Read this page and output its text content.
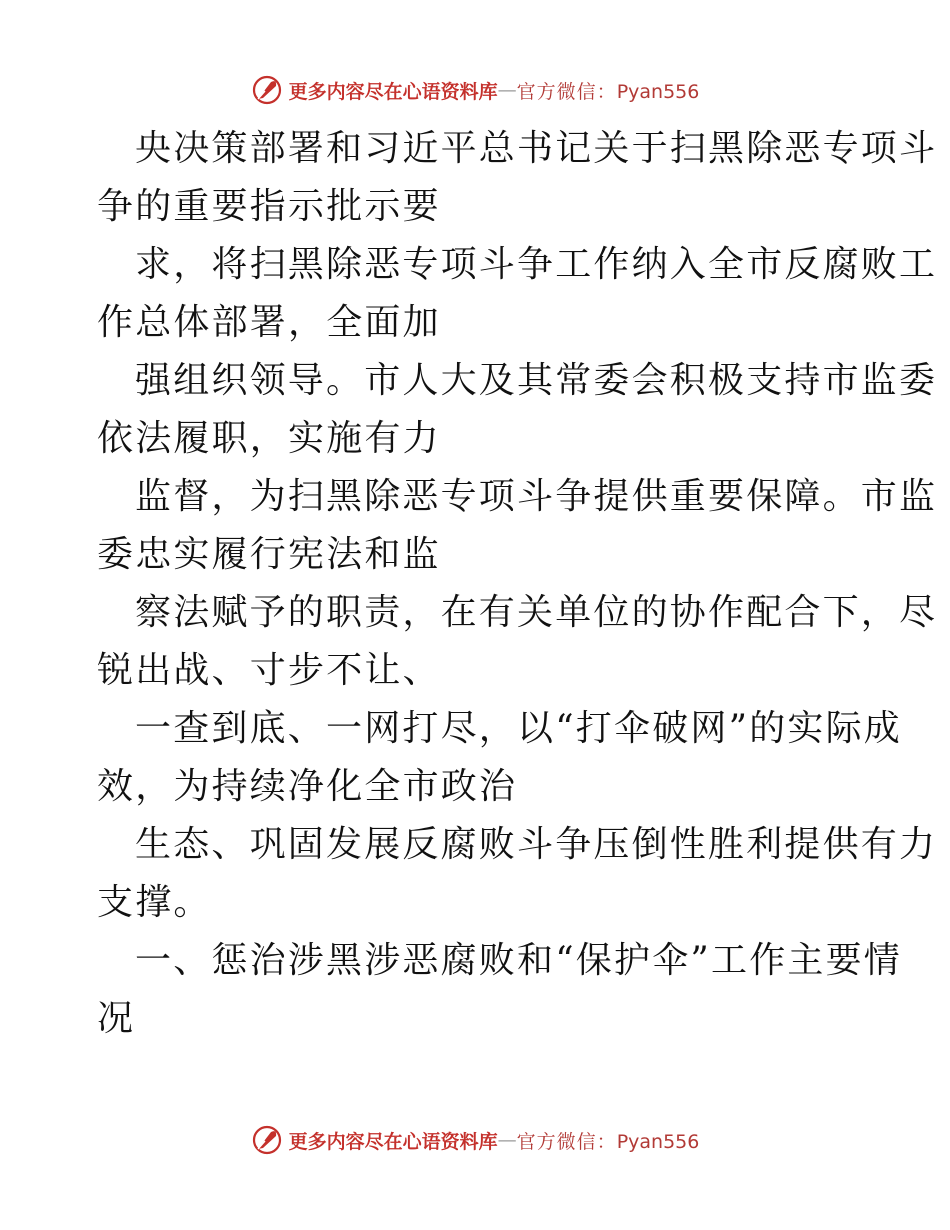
更多内容尽在心语资料库 — 官方微信：Pyan556
央决策部署和习近平总书记关于扫黑除恶专项斗
争的重要指示批示要
求，将扫黑除恶专项斗争工作纳入全市反腐败工
作总体部署，全面加
强组织领导。市人大及其常委会积极支持市监委
依法履职，实施有力
监督，为扫黑除恶专项斗争提供重要保障。市监
委忠实履行宪法和监
察法赋予的职责，在有关单位的协作配合下，尽
锐出战、寸步不让、
一查到底、一网打尽，以“打伞破网”的实际成
效，为持续净化全市政治
生态、巩固发展反腐败斗争压倒性胜利提供有力
支撑。
一、惩治涉黑涉恶腐败和“保护伞”工作主要情
况
更多内容尽在心语资料库 — 官方微信：Pyan556
